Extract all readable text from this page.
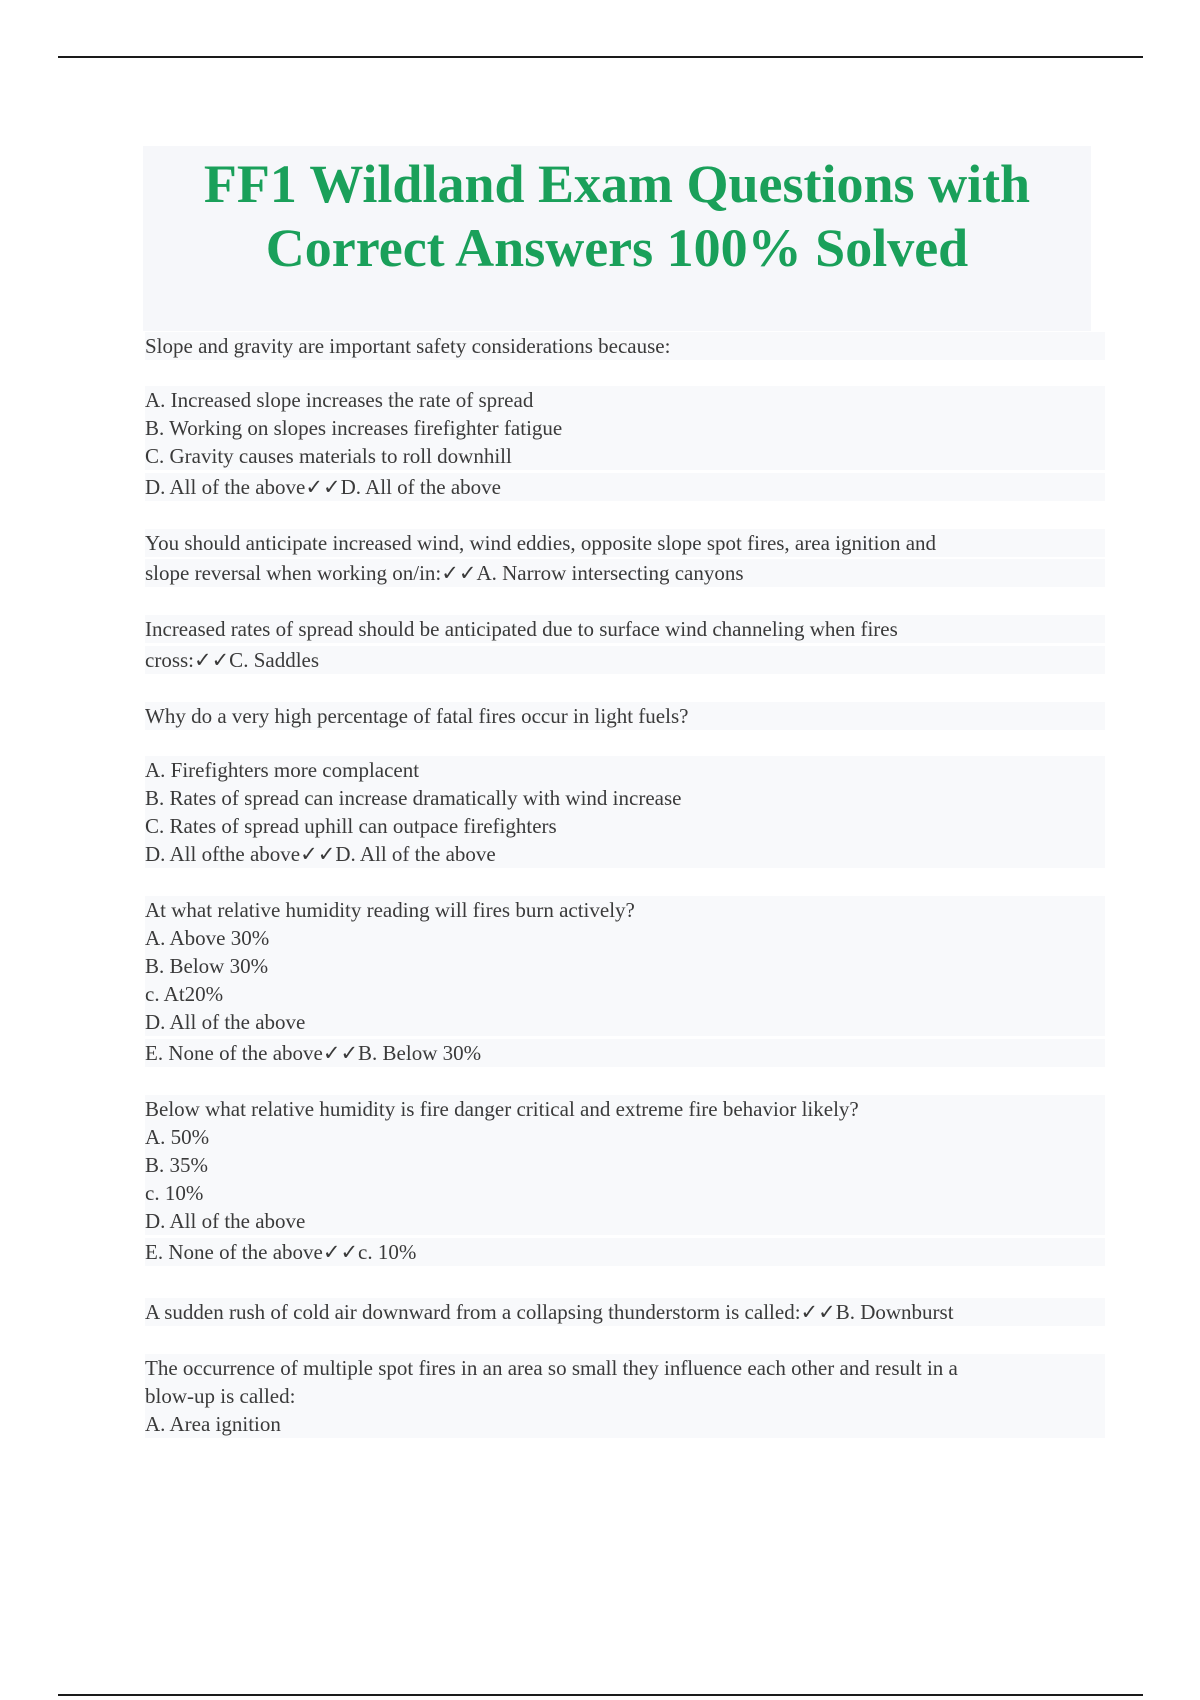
FF1 Wildland Exam Questions with
Correct Answers 100% Solved
Slope and gravity are important safety considerations because:
A. Increased slope increases the rate of spread
B. Working on slopes increases firefighter fatigue
C. Gravity causes materials to roll downhill
D. All of the above✓✓D. All of the above
You should anticipate increased wind, wind eddies, opposite slope spot fires, area ignition and
slope reversal when working on/in:✓✓A. Narrow intersecting canyons
Increased rates of spread should be anticipated due to surface wind channeling when fires
cross:✓✓C. Saddles
Why do a very high percentage of fatal fires occur in light fuels?
A. Firefighters more complacent
B. Rates of spread can increase dramatically with wind increase
C. Rates of spread uphill can outpace firefighters
D. All ofthe above✓✓D. All of the above
At what relative humidity reading will fires burn actively?
A. Above 30%
B. Below 30%
c. At20%
D. All of the above
E. None of the above✓✓B. Below 30%
Below what relative humidity is fire danger critical and extreme fire behavior likely?
A. 50%
B. 35%
c. 10%
D. All of the above
E. None of the above✓✓c. 10%
A sudden rush of cold air downward from a collapsing thunderstorm is called:✓✓B. Downburst
The occurrence of multiple spot fires in an area so small they influence each other and result in a
blow-up is called:
A. Area ignition
